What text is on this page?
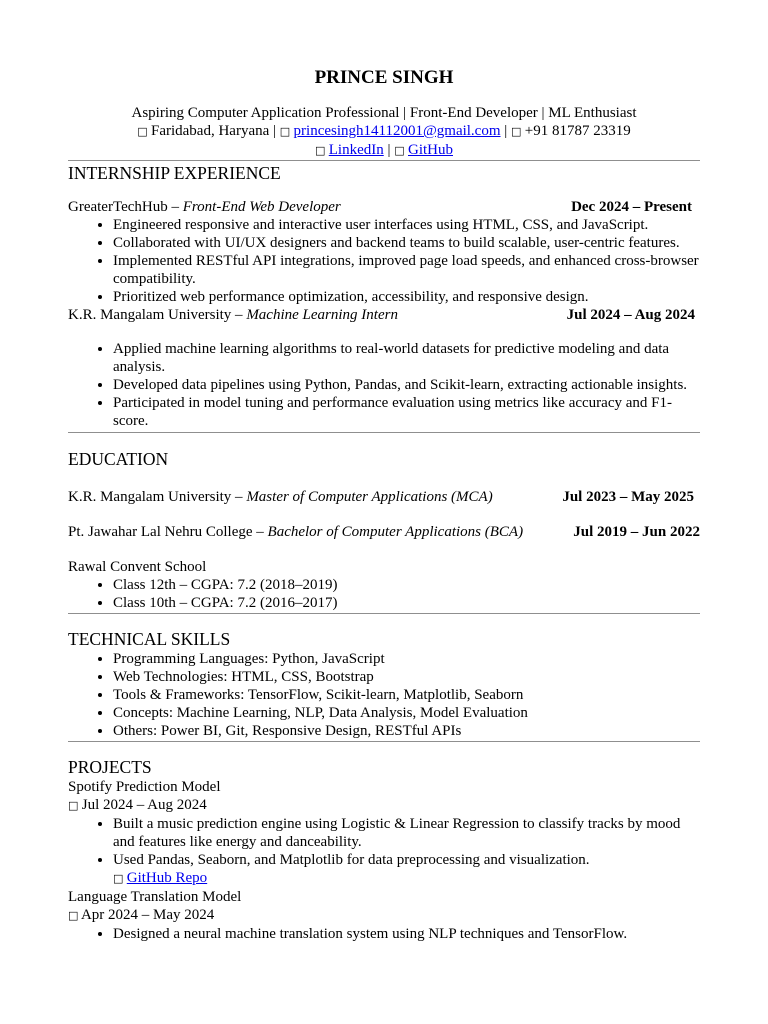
PRINCE SINGH
Aspiring Computer Application Professional | Front-End Developer | ML Enthusiast
□ Faridabad, Haryana | □ princesingh14112001@gmail.com | □ +91 81787 23319
□ LinkedIn | □ GitHub
INTERNSHIP EXPERIENCE
GreaterTechHub – Front-End Web Developer	Dec 2024 – Present
• Engineered responsive and interactive user interfaces using HTML, CSS, and JavaScript.
• Collaborated with UI/UX designers and backend teams to build scalable, user-centric features.
• Implemented RESTful API integrations, improved page load speeds, and enhanced cross-browser compatibility.
• Prioritized web performance optimization, accessibility, and responsive design.
K.R. Mangalam University – Machine Learning Intern	Jul 2024 – Aug 2024
• Applied machine learning algorithms to real-world datasets for predictive modeling and data analysis.
• Developed data pipelines using Python, Pandas, and Scikit-learn, extracting actionable insights.
• Participated in model tuning and performance evaluation using metrics like accuracy and F1-score.
EDUCATION
K.R. Mangalam University – Master of Computer Applications (MCA)	Jul 2023 – May 2025
Pt. Jawahar Lal Nehru College – Bachelor of Computer Applications (BCA)	Jul 2019 – Jun 2022
Rawal Convent School
• Class 12th – CGPA: 7.2 (2018–2019)
• Class 10th – CGPA: 7.2 (2016–2017)
TECHNICAL SKILLS
• Programming Languages: Python, JavaScript
• Web Technologies: HTML, CSS, Bootstrap
• Tools & Frameworks: TensorFlow, Scikit-learn, Matplotlib, Seaborn
• Concepts: Machine Learning, NLP, Data Analysis, Model Evaluation
• Others: Power BI, Git, Responsive Design, RESTful APIs
PROJECTS
Spotify Prediction Model
□ Jul 2024 – Aug 2024
• Built a music prediction engine using Logistic & Linear Regression to classify tracks by mood and features like energy and danceability.
• Used Pandas, Seaborn, and Matplotlib for data preprocessing and visualization.
□ GitHub Repo
Language Translation Model
□ Apr 2024 – May 2024
• Designed a neural machine translation system using NLP techniques and TensorFlow.
